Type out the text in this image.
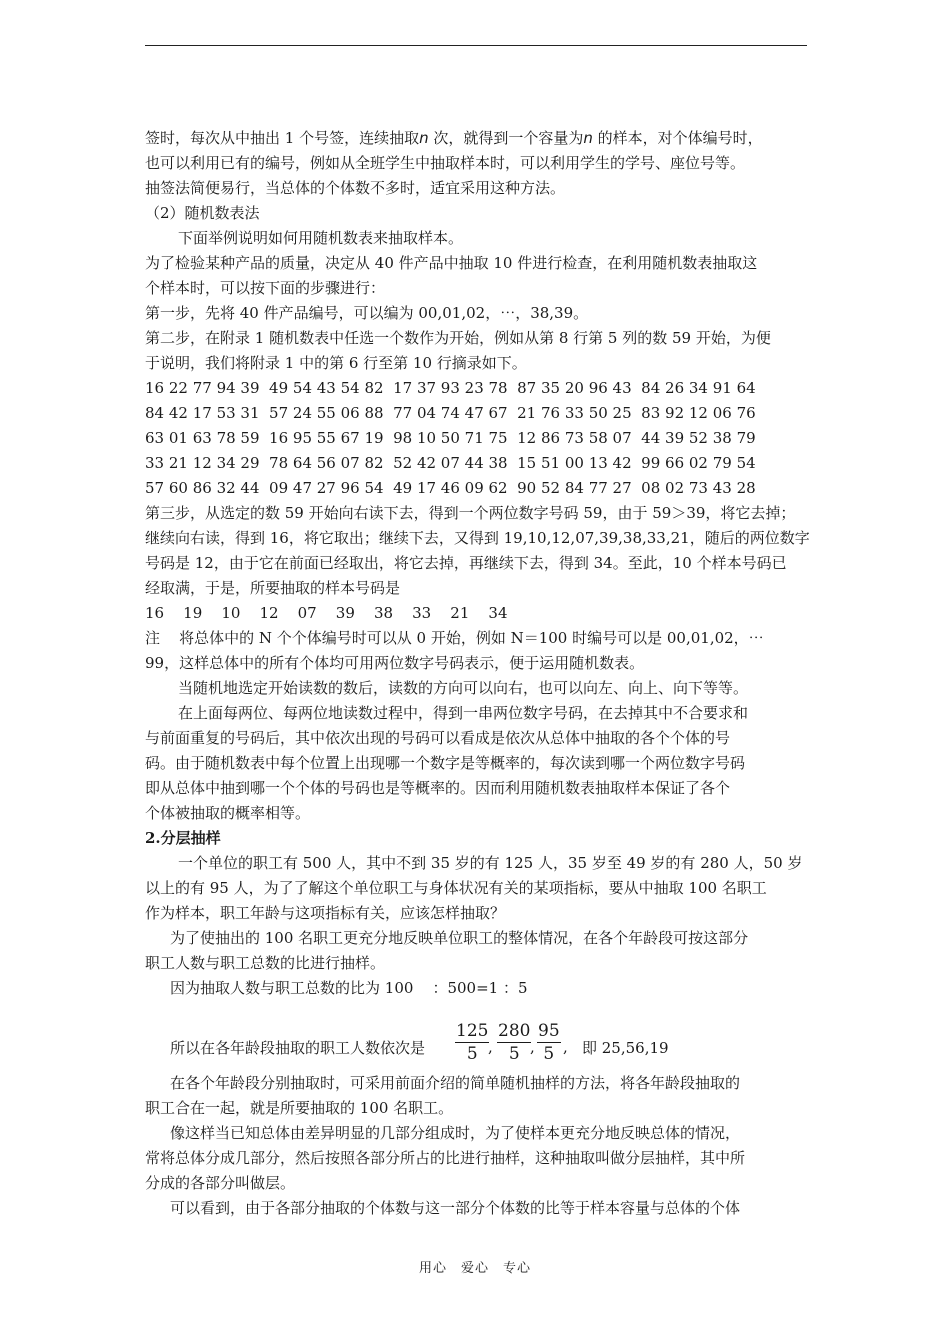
签时，每次从中抽出 1 个号签，连续抽取n 次，就得到一个容量为n 的样本，对个体编号时，
也可以利用已有的编号，例如从全班学生中抽取样本时，可以利用学生的学号、座位号等。
抽签法简便易行，当总体的个体数不多时，适宜采用这种方法。
（2）随机数表法
下面举例说明如何用随机数表来抽取样本。
为了检验某种产品的质量，决定从 40 件产品中抽取 10 件进行检查，在利用随机数表抽取这
个样本时，可以按下面的步骤进行：
第一步，先将 40 件产品编号，可以编为 00,01,02，⋯，38,39。
第二步，在附录 1 随机数表中任选一个数作为开始，例如从第 8 行第 5 列的数 59 开始，为便
于说明，我们将附录 1 中的第 6 行至第 10 行摘录如下。
16 22 77 94 39  49 54 43 54 82  17 37 93 23 78  87 35 20 96 43  84 26 34 91 64
84 42 17 53 31  57 24 55 06 88  77 04 74 47 67  21 76 33 50 25  83 92 12 06 76
63 01 63 78 59  16 95 55 67 19  98 10 50 71 75  12 86 73 58 07  44 39 52 38 79
33 21 12 34 29  78 64 56 07 82  52 42 07 44 38  15 51 00 13 42  99 66 02 79 54
57 60 86 32 44  09 47 27 96 54  49 17 46 09 62  90 52 84 77 27  08 02 73 43 28
第三步，从选定的数 59 开始向右读下去，得到一个两位数字号码 59，由于 59＞39，将它去掉；
继续向右读，得到 16，将它取出；继续下去，又得到 19,10,12,07,39,38,33,21，随后的两位数字
号码是 12，由于它在前面已经取出，将它去掉，再继续下去，得到 34。至此，10 个样本号码已
经取满，于是，所要抽取的样本号码是
16    19    10    12    07    39    38    33    21    34
注    将总体中的 N 个个体编号时可以从 0 开始，例如 N＝100 时编号可以是 00,01,02，⋯
99，这样总体中的所有个体均可用两位数字号码表示，便于运用随机数表。
当随机地选定开始读数的数后，读数的方向可以向右，也可以向左、向上、向下等等。
在上面每两位、每两位地读数过程中，得到一串两位数字号码，在去掉其中不合要求和
与前面重复的号码后，其中依次出现的号码可以看成是依次从总体中抽取的各个个体的号
码。由于随机数表中每个位置上出现哪一个数字是等概率的，每次读到哪一个两位数字号码
即从总体中抽到哪一个个体的号码也是等概率的。因而利用随机数表抽取样本保证了各个
个体被抽取的概率相等。
2.分层抽样
一个单位的职工有 500 人，其中不到 35 岁的有 125 人，35 岁至 49 岁的有 280 人，50 岁
以上的有 95 人，为了了解这个单位职工与身体状况有关的某项指标，要从中抽取 100 名职工
作为样本，职工年龄与这项指标有关，应该怎样抽取？
为了使抽出的 100 名职工更充分地反映单位职工的整体情况，在各个年龄段可按这部分
职工人数与职工总数的比进行抽样。
因为抽取人数与职工总数的比为 100    ：500=1 ：5
所以在各年龄段抽取的职工人数依次是 $\frac{125}{5}$
, $\frac{280}{5}$
, $\frac{95}{5}$ , 即 25,56,19
在各个年龄段分别抽取时，可采用前面介绍的简单随机抽样的方法，将各年龄段抽取的
职工合在一起，就是所要抽取的 100 名职工。
像这样当已知总体由差异明显的几部分组成时，为了使样本更充分地反映总体的情况，
常将总体分成几部分，然后按照各部分所占的比进行抽样，这种抽取叫做分层抽样，其中所
分成的各部分叫做层。
可以看到，由于各部分抽取的个体数与这一部分个体数的比等于样本容量与总体的个体
用心　爱心　专心
